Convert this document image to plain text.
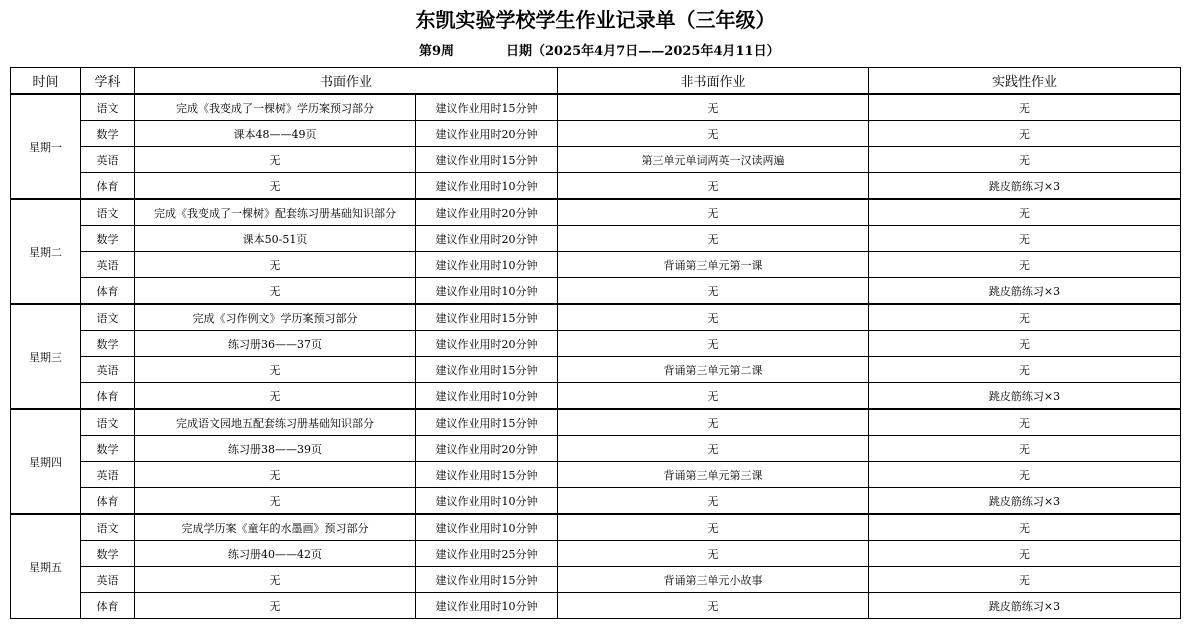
东凯实验学校学生作业记录单（三年级）
第9周	日期（2025年4月7日——2025年4月11日）
时间	学科	书面作业		非书面作业	实践性作业
星期一	语文	完成《我变成了一棵树》学历案预习部分	建议作业用时15分钟	无	无
	数学	课本48——49页	建议作业用时20分钟	无	无
	英语	无	建议作业用时15分钟	第三单元单词两英一汉读两遍	无
	体育	无	建议作业用时10分钟	无	跳皮筋练习×3
星期二	语文	完成《我变成了一棵树》配套练习册基础知识部分	建议作业用时20分钟	无	无
	数学	课本50-51页	建议作业用时20分钟	无	无
	英语	无	建议作业用时10分钟	背诵第三单元第一课	无
	体育	无	建议作业用时10分钟	无	跳皮筋练习×3
星期三	语文	完成《习作例文》学历案预习部分	建议作业用时15分钟	无	无
	数学	练习册36——37页	建议作业用时20分钟	无	无
	英语	无	建议作业用时15分钟	背诵第三单元第二课	无
	体育	无	建议作业用时10分钟	无	跳皮筋练习×3
星期四	语文	完成语文园地五配套练习册基础知识部分	建议作业用时15分钟	无	无
	数学	练习册38——39页	建议作业用时20分钟	无	无
	英语	无	建议作业用时15分钟	背诵第三单元第三课	无
	体育	无	建议作业用时10分钟	无	跳皮筋练习×3
星期五	语文	完成学历案《童年的水墨画》预习部分	建议作业用时10分钟	无	无
	数学	练习册40——42页	建议作业用时25分钟	无	无
	英语	无	建议作业用时15分钟	背诵第三单元小故事	无
	体育	无	建议作业用时10分钟	无	跳皮筋练习×3
